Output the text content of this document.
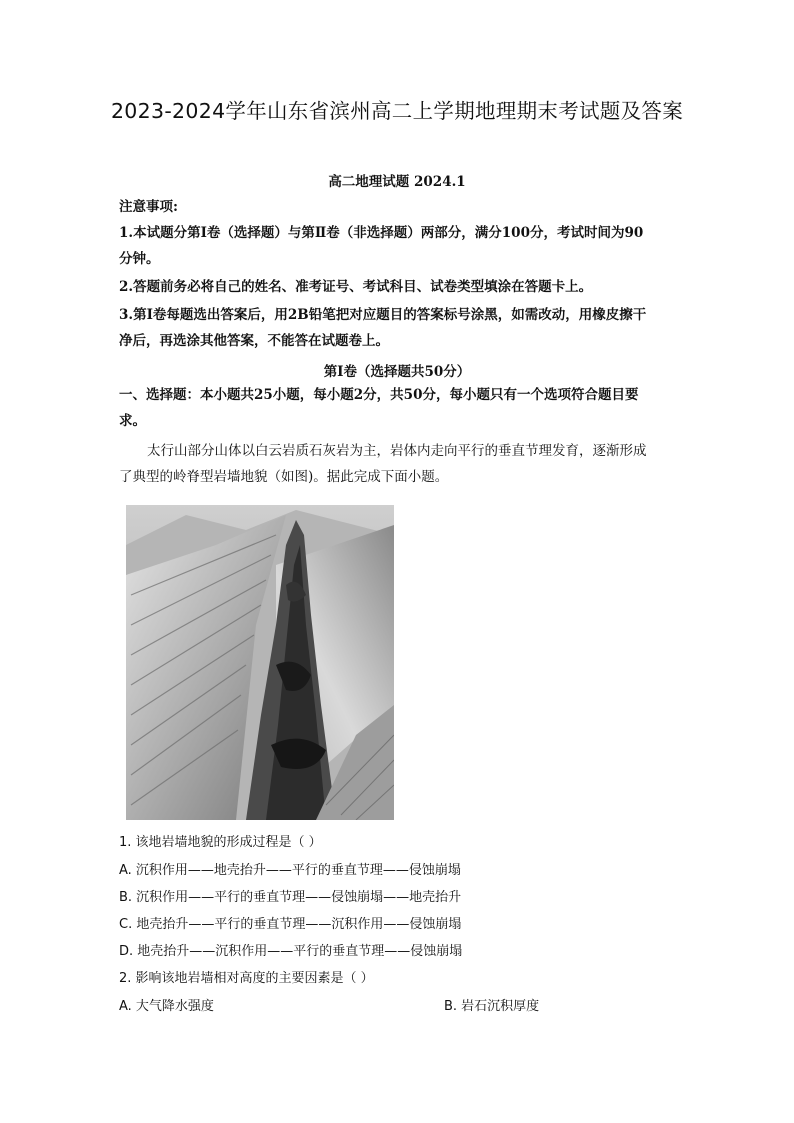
2023-2024学年山东省滨州高二上学期地理期末考试题及答案
高二地理试题 2024.1
注意事项:
1.本试题分第Ⅰ卷（选择题）与第Ⅱ卷（非选择题）两部分，满分100分，考试时间为90
分钟。
2.答题前务必将自己的姓名、准考证号、考试科目、试卷类型填涂在答题卡上。
3.第Ⅰ卷每题选出答案后，用2B铅笔把对应题目的答案标号涂黑，如需改动，用橡皮擦干
净后，再选涂其他答案，不能答在试题卷上。
第Ⅰ卷（选择题共50分）
一、选择题：本小题共25小题，每小题2分，共50分，每小题只有一个选项符合题目要
求。
太行山部分山体以白云岩质石灰岩为主，岩体内走向平行的垂直节理发育，逐渐形成
了典型的岭脊型岩墙地貌（如图)。据此完成下面小题。
1. 该地岩墙地貌的形成过程是（ ）
A. 沉积作用——地壳抬升——平行的垂直节理——侵蚀崩塌
B. 沉积作用——平行的垂直节理——侵蚀崩塌——地壳抬升
C. 地壳抬升——平行的垂直节理——沉积作用——侵蚀崩塌
D. 地壳抬升——沉积作用——平行的垂直节理——侵蚀崩塌
2. 影响该地岩墙相对高度的主要因素是（ ）
A. 大气降水强度	B. 岩石沉积厚度
